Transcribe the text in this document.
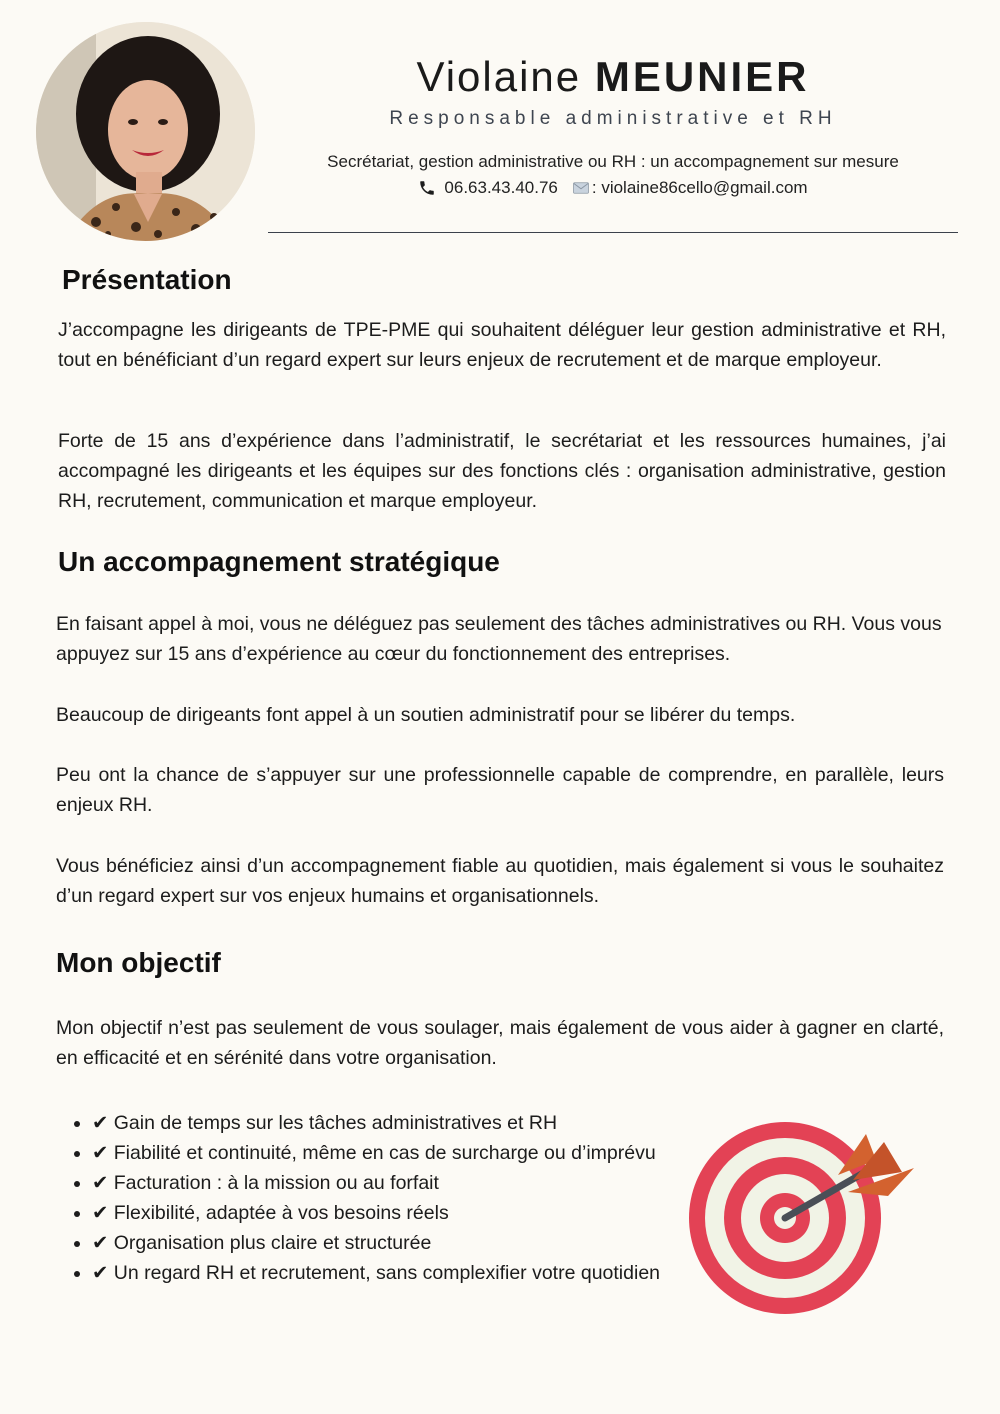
Violaine MEUNIER
Responsable administrative et RH
Secrétariat, gestion administrative ou RH : un accompagnement sur mesure
06.63.43.40.76 : violaine86cello@gmail.com
Présentation

J’accompagne les dirigeants de TPE-PME qui souhaitent déléguer leur gestion administrative et RH, tout en bénéficiant d’un regard expert sur leurs enjeux de recrutement et de marque employeur.

Forte de 15 ans d’expérience dans l’administratif, le secrétariat et les ressources humaines, j’ai accompagné les dirigeants et les équipes sur des fonctions clés : organisation administrative, gestion RH, recrutement, communication et marque employeur.

Un accompagnement stratégique

En faisant appel à moi, vous ne déléguez pas seulement des tâches administratives ou RH. Vous vous appuyez sur 15 ans d’expérience au cœur du fonctionnement des entreprises.

Beaucoup de dirigeants font appel à un soutien administratif pour se libérer du temps.

Peu ont la chance de s’appuyer sur une professionnelle capable de comprendre, en parallèle, leurs enjeux RH.

Vous bénéficiez ainsi d’un accompagnement fiable au quotidien, mais également si vous le souhaitez d’un regard expert sur vos enjeux humains et organisationnels.

Mon objectif

Mon objectif n’est pas seulement de vous soulager, mais également de vous aider à gagner en clarté, en efficacité et en sérénité dans votre organisation.

• ✔ Gain de temps sur les tâches administratives et RH
• ✔ Fiabilité et continuité, même en cas de surcharge ou d’imprévu
• ✔ Facturation : à la mission ou au forfait
• ✔ Flexibilité, adaptée à vos besoins réels
• ✔ Organisation plus claire et structurée
• ✔ Un regard RH et recrutement, sans complexifier votre quotidien
